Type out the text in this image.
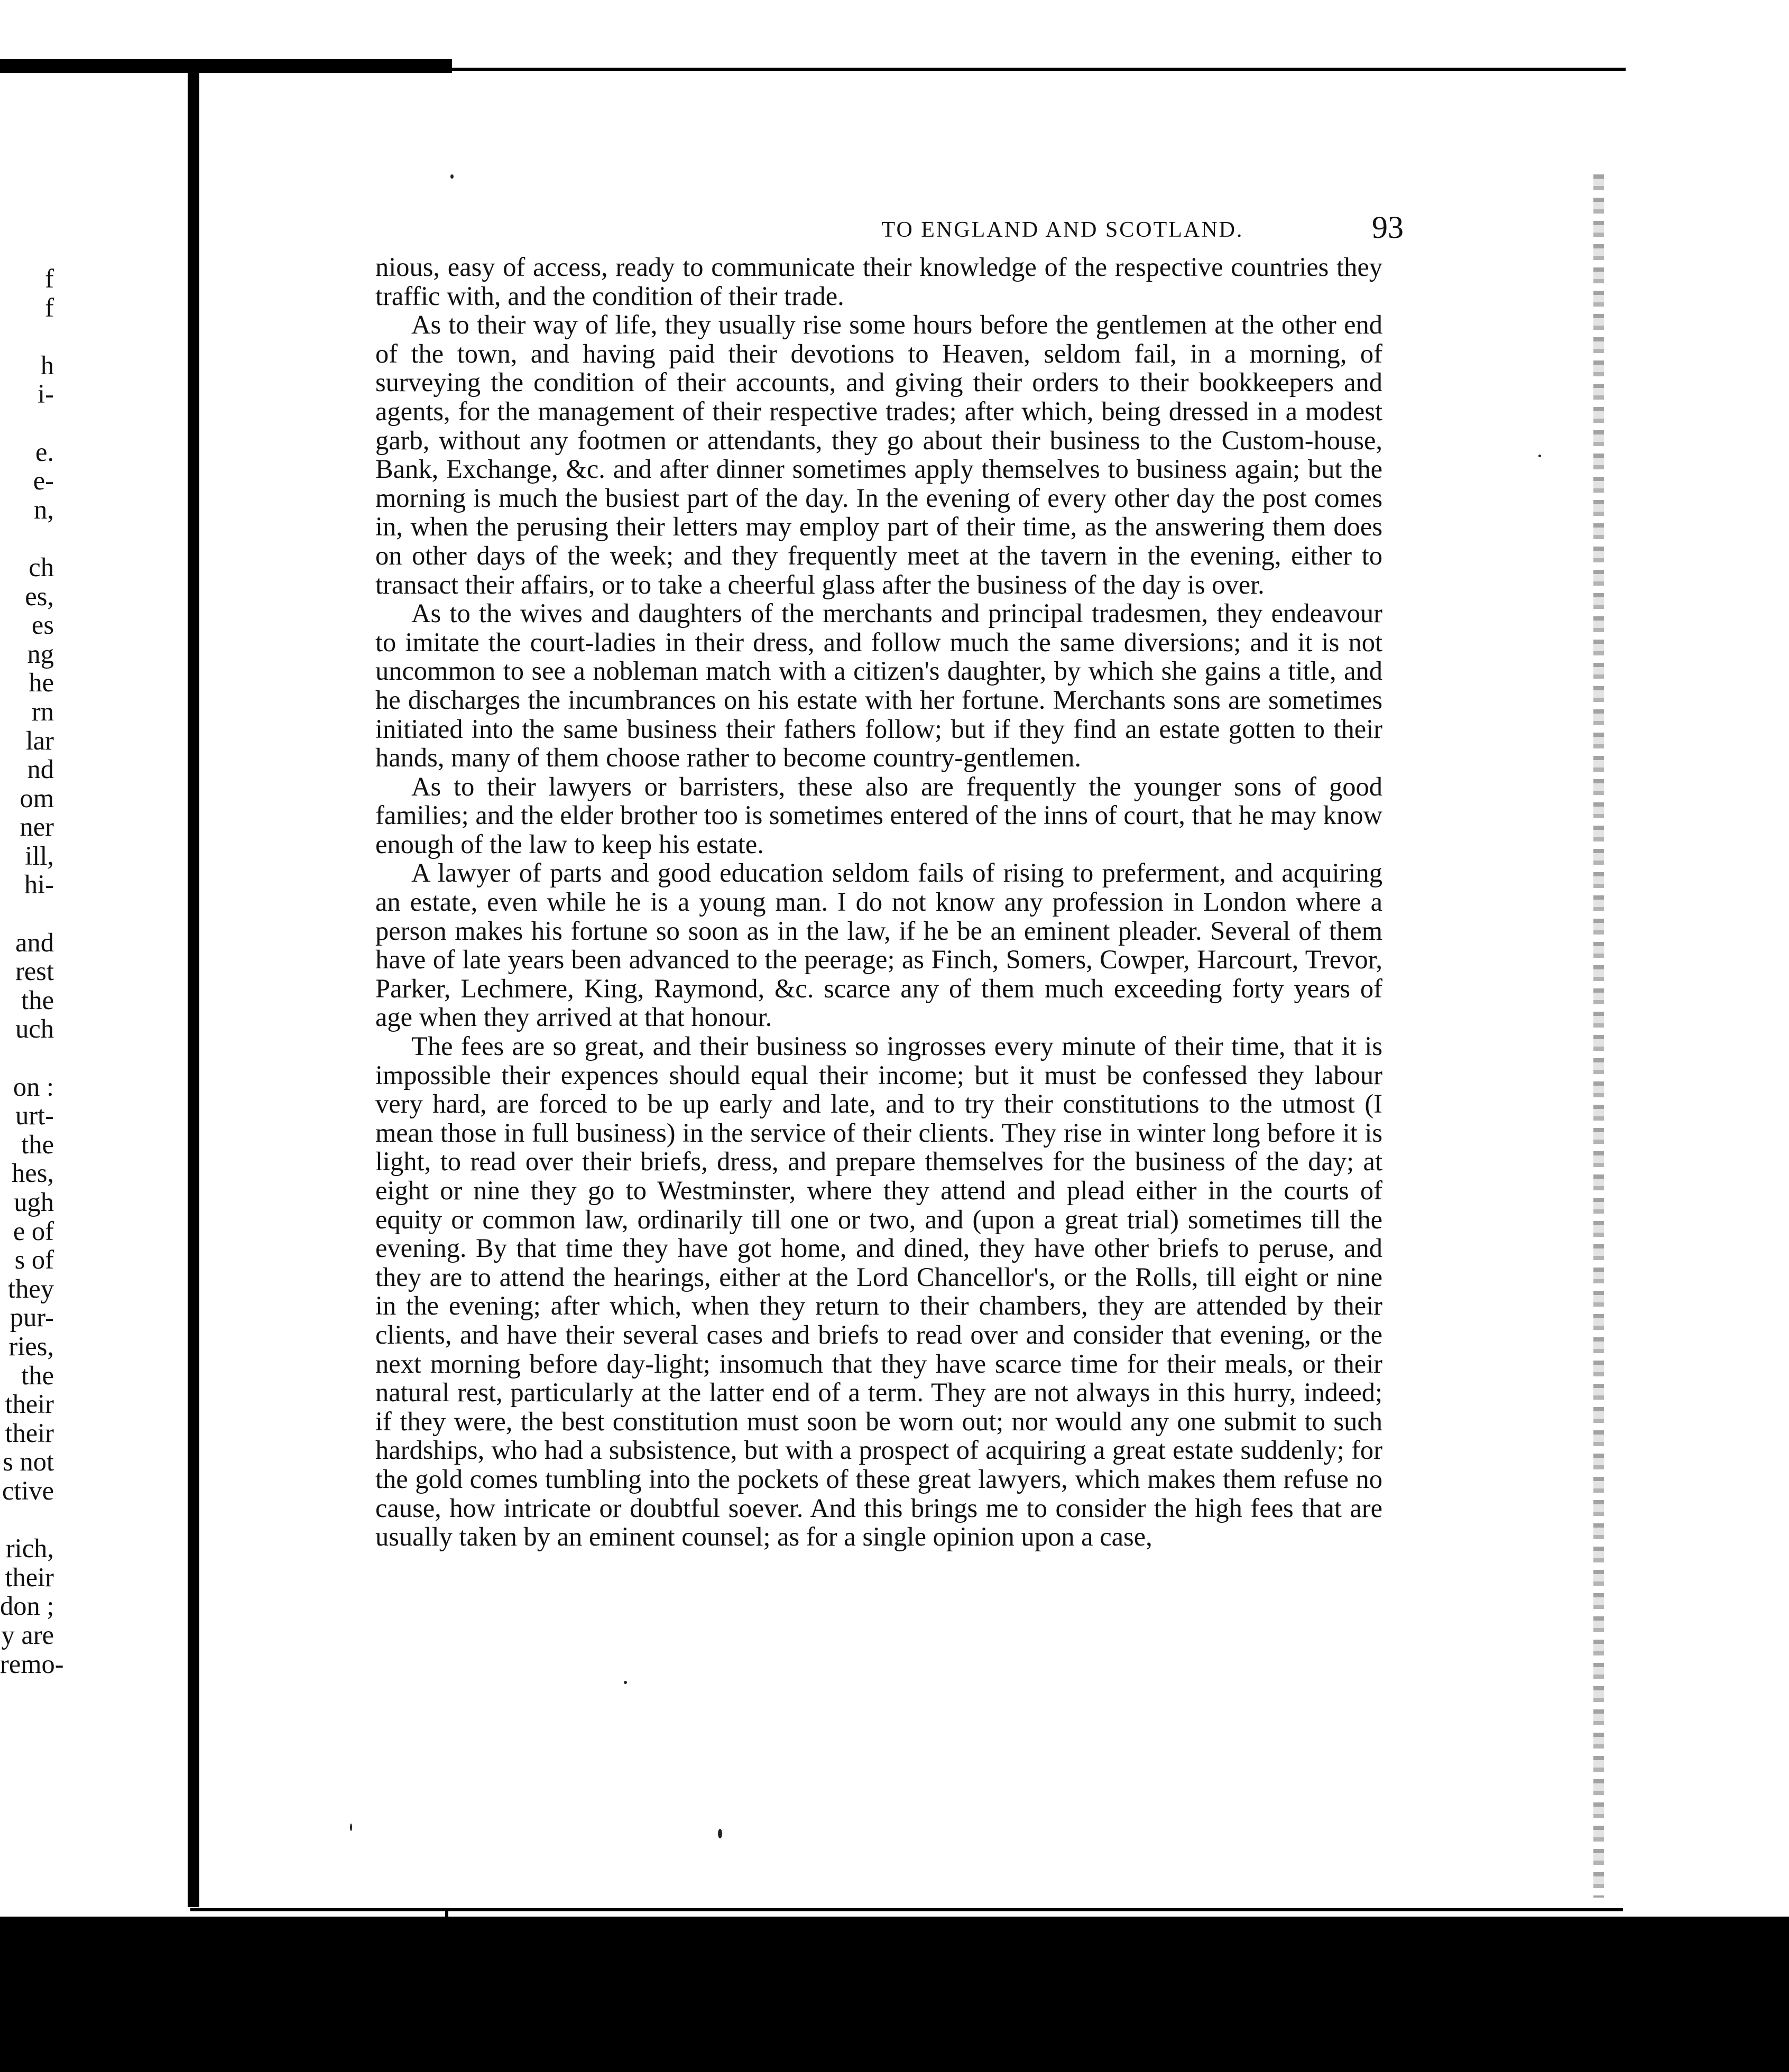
f
f
h
i-
e.
e-
n,
ch
es,
es
ng
he
rn
lar
nd
om
ner
ill,
hi-
and
rest
the
uch
on :
urt-
the
hes,
ugh
e of
s of
they
pur-
ries,
the
their
their
s not
ctive
rich,
their
don ;
y are
remo-
TO ENGLAND AND SCOTLAND.	93

nious, easy of access, ready to communicate their knowledge of the respective countries they traffic with, and the condition of their trade.

As to their way of life, they usually rise some hours before the gentlemen at the other end of the town, and having paid their devotions to Heaven, seldom fail, in a morning, of surveying the condition of their accounts, and giving their orders to their bookkeepers and agents, for the management of their respective trades; after which, being dressed in a modest garb, without any footmen or attendants, they go about their business to the Custom-house, Bank, Exchange, &c. and after dinner sometimes apply themselves to business again; but the morning is much the busiest part of the day. In the evening of every other day the post comes in, when the perusing their letters may employ part of their time, as the answering them does on other days of the week; and they frequently meet at the tavern in the evening, either to transact their affairs, or to take a cheerful glass after the business of the day is over.

As to the wives and daughters of the merchants and principal tradesmen, they endeavour to imitate the court-ladies in their dress, and follow much the same diversions; and it is not uncommon to see a nobleman match with a citizen's daughter, by which she gains a title, and he discharges the incumbrances on his estate with her fortune. Merchants sons are sometimes initiated into the same business their fathers follow; but if they find an estate gotten to their hands, many of them choose rather to become country-gentlemen.

As to their lawyers or barristers, these also are frequently the younger sons of good families; and the elder brother too is sometimes entered of the inns of court, that he may know enough of the law to keep his estate.

A lawyer of parts and good education seldom fails of rising to preferment, and acquiring an estate, even while he is a young man. I do not know any profession in London where a person makes his fortune so soon as in the law, if he be an eminent pleader. Several of them have of late years been advanced to the peerage; as Finch, Somers, Cowper, Harcourt, Trevor, Parker, Lechmere, King, Raymond, &c. scarce any of them much exceeding forty years of age when they arrived at that honour.

The fees are so great, and their business so ingrosses every minute of their time, that it is impossible their expences should equal their income; but it must be confessed they labour very hard, are forced to be up early and late, and to try their constitutions to the utmost (I mean those in full business) in the service of their clients. They rise in winter long before it is light, to read over their briefs, dress, and prepare themselves for the business of the day; at eight or nine they go to Westminster, where they attend and plead either in the courts of equity or common law, ordinarily till one or two, and (upon a great trial) sometimes till the evening. By that time they have got home, and dined, they have other briefs to peruse, and they are to attend the hearings, either at the Lord Chancellor's, or the Rolls, till eight or nine in the evening; after which, when they return to their chambers, they are attended by their clients, and have their several cases and briefs to read over and consider that evening, or the next morning before day-light; insomuch that they have scarce time for their meals, or their natural rest, particularly at the latter end of a term. They are not always in this hurry, indeed; if they were, the best constitution must soon be worn out; nor would any one submit to such hardships, who had a subsistence, but with a prospect of acquiring a great estate suddenly; for the gold comes tumbling into the pockets of these great lawyers, which makes them refuse no cause, how intricate or doubtful soever. And this brings me to consider the high fees that are usually taken by an eminent counsel; as for a single opinion upon a case,
